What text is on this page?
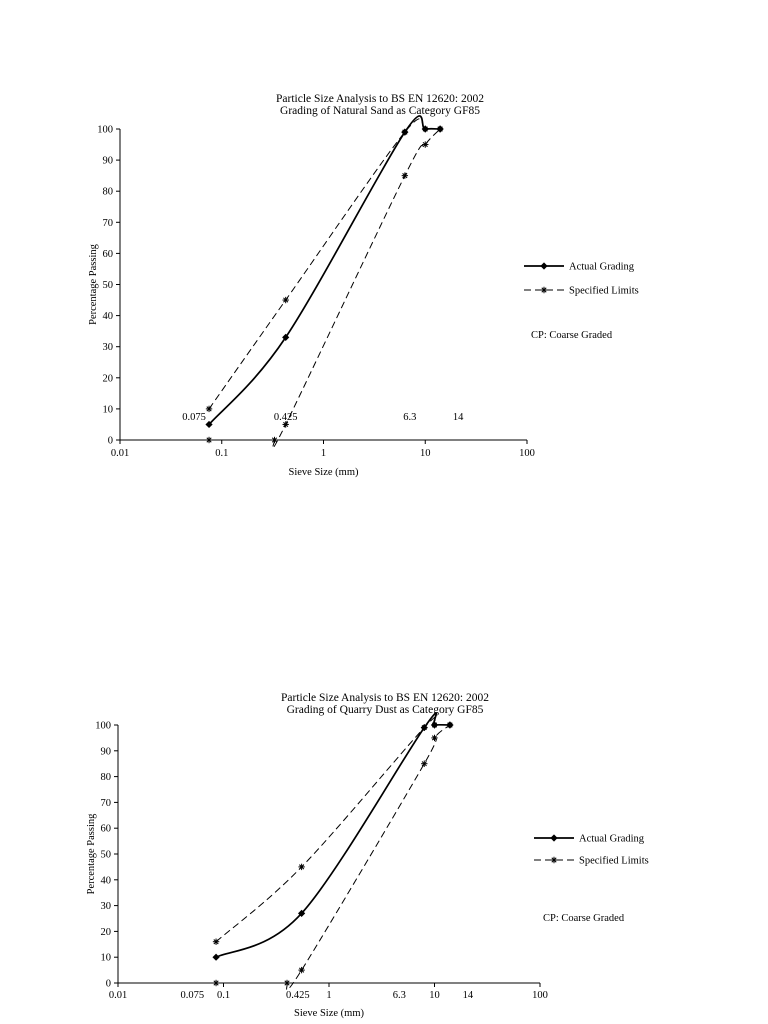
Particle Size Analysis to BS EN 12620: 2002
Grading of Natural Sand as Category GF85
0
10
20
30
40
50
60
70
80
90
100
0.01	0.1	1	10	100
0.075	0.425	6.3	14
Sieve Size (mm)
Percentage Passing	Actual Grading
Specified Limits
CP: Coarse Graded
Particle Size Analysis to BS EN 12620: 2002
Grading of Quarry Dust as Category GF85
0
10
20
30
40
50
60
70
80
90
100
0.01	0.1	1	10	100
0.075	0.425	6.3	14
Sieve Size (mm)
Percentage Passing	Actual Grading
Specified Limits
CP: Coarse Graded
